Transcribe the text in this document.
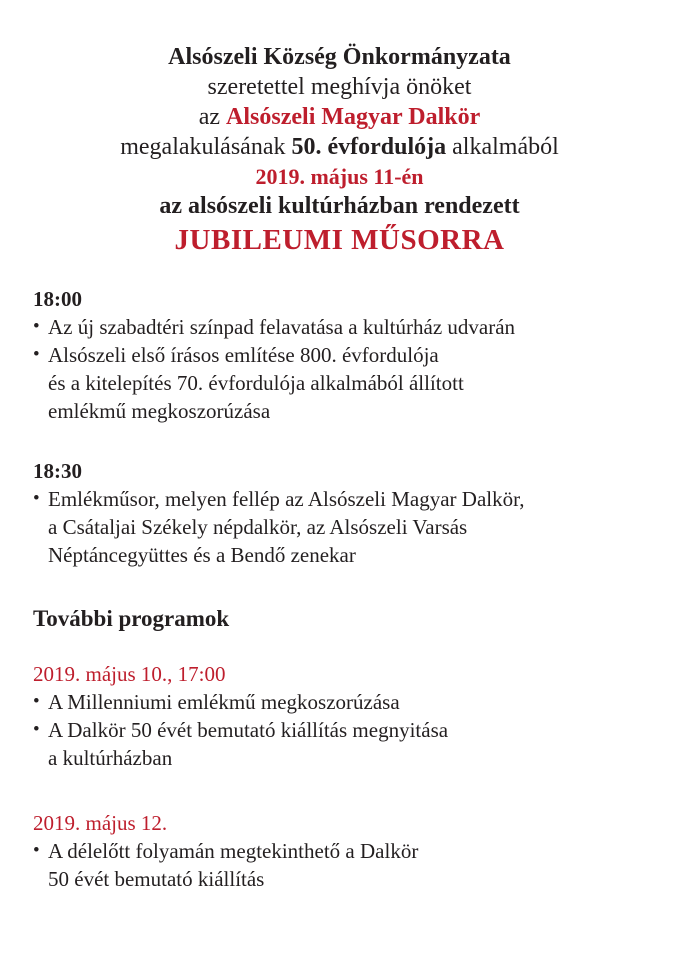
Alsószeli Község Önkormányzata
szeretettel meghívja önöket
az Alsószeli Magyar Dalkör
megalakulásának 50. évfordulója alkalmából
2019. május 11-én
az alsószeli kultúrházban rendezett
JUBILEUMI MŰSORRA
18:00
• Az új szabadtéri színpad felavatása a kultúrház udvarán
• Alsószeli első írásos említése 800. évfordulója
és a kitelepítés 70. évfordulója alkalmából állított
emlékmű megkoszorúzása
18:30
• Emlékműsor, melyen fellép az Alsószeli Magyar Dalkör,
a Csátaljai Székely népdalkör, az Alsószeli Varsás
Néptáncegyüttes és a Bendő zenekar
További programok
2019. május 10., 17:00
• A Millenniumi emlékmű megkoszorúzása
• A Dalkör 50 évét bemutató kiállítás megnyitása
a kultúrházban
2019. május 12.
• A délelőtt folyamán megtekinthető a Dalkör
50 évét bemutató kiállítás
